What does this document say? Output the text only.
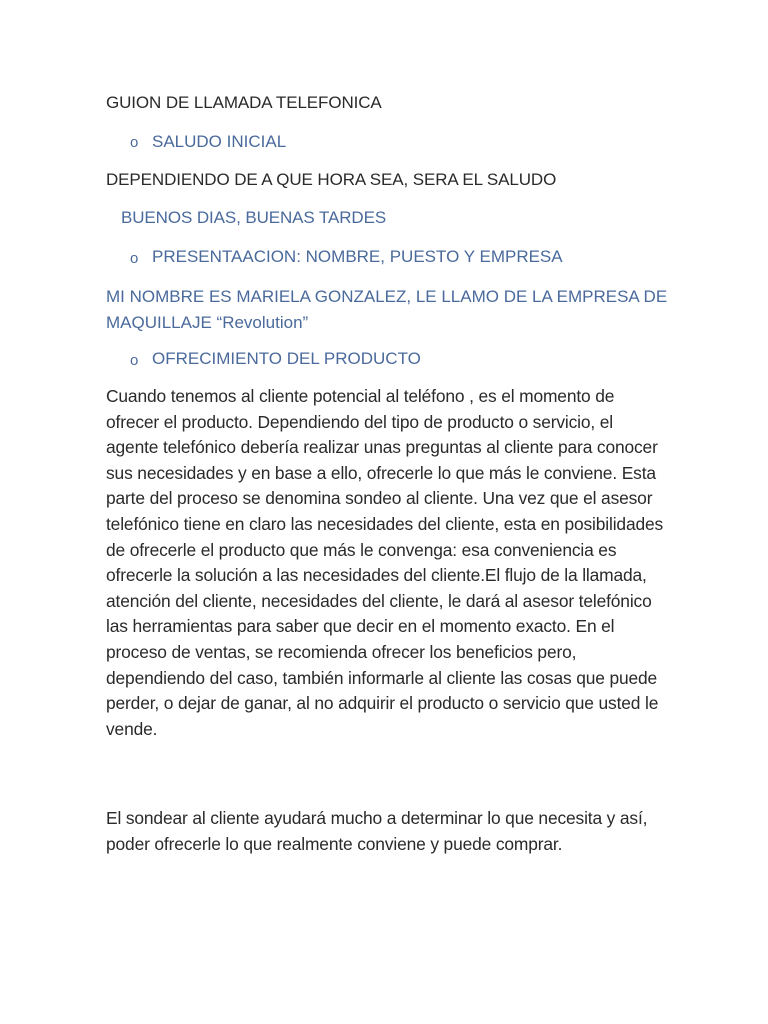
GUION DE LLAMADA TELEFONICA
o SALUDO INICIAL
DEPENDIENDO DE A QUE HORA SEA, SERA EL SALUDO
BUENOS DIAS, BUENAS TARDES
o PRESENTAACION: NOMBRE, PUESTO Y EMPRESA
MI NOMBRE ES MARIELA GONZALEZ, LE LLAMO DE LA EMPRESA DE MAQUILLAJE “Revolution”
o OFRECIMIENTO DEL PRODUCTO
Cuando tenemos al cliente potencial al teléfono , es el momento de ofrecer el producto. Dependiendo del tipo de producto o servicio, el agente telefónico debería realizar unas preguntas al cliente para conocer sus necesidades y en base a ello, ofrecerle lo que más le conviene. Esta parte del proceso se denomina sondeo al cliente. Una vez que el asesor telefónico tiene en claro las necesidades del cliente, esta en posibilidades de ofrecerle el producto que más le convenga: esa conveniencia es ofrecerle la solución a las necesidades del cliente.El flujo de la llamada, atención del cliente, necesidades del cliente, le dará al asesor telefónico las herramientas para saber que decir en el momento exacto. En el proceso de ventas, se recomienda ofrecer los beneficios pero, dependiendo del caso, también informarle al cliente las cosas que puede perder, o dejar de ganar, al no adquirir el producto o servicio que usted le vende.
El sondear al cliente ayudará mucho a determinar lo que necesita y así, poder ofrecerle lo que realmente conviene y puede comprar.
